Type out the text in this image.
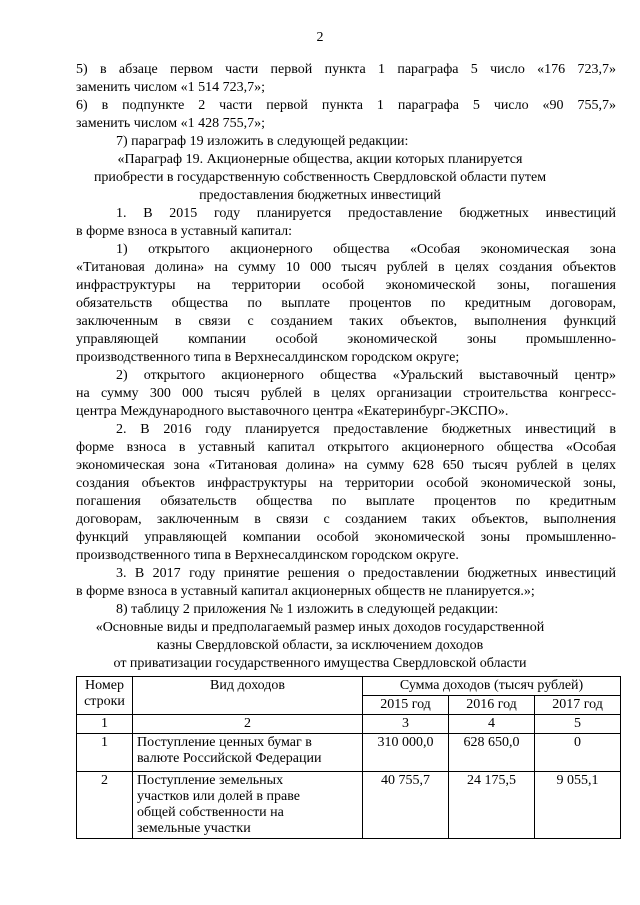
2
5) в абзаце первом части первой пункта 1 параграфа 5 число «176 723,7»
заменить числом «1 514 723,7»;
6) в подпункте 2 части первой пункта 1 параграфа 5 число «90 755,7»
заменить числом «1 428 755,7»;
7) параграф 19 изложить в следующей редакции:
«Параграф 19. Акционерные общества, акции которых планируется
приобрести в государственную собственность Свердловской области путем
предоставления бюджетных инвестиций
1. В 2015 году планируется предоставление бюджетных инвестиций
в форме взноса в уставный капитал:
1) открытого акционерного общества «Особая экономическая зона
«Титановая долина» на сумму 10 000 тысяч рублей в целях создания объектов
инфраструктуры на территории особой экономической зоны, погашения
обязательств общества по выплате процентов по кредитным договорам,
заключенным в связи с созданием таких объектов, выполнения функций
управляющей компании особой экономической зоны промышленно-
производственного типа в Верхнесалдинском городском округе;
2) открытого акционерного общества «Уральский выставочный центр»
на сумму 300 000 тысяч рублей в целях организации строительства конгресс-
центра Международного выставочного центра «Екатеринбург-ЭКСПО».
2. В 2016 году планируется предоставление бюджетных инвестиций в
форме взноса в уставный капитал открытого акционерного общества «Особая
экономическая зона «Титановая долина» на сумму 628 650 тысяч рублей в целях
создания объектов инфраструктуры на территории особой экономической зоны,
погашения обязательств общества по выплате процентов по кредитным
договорам, заключенным в связи с созданием таких объектов, выполнения
функций управляющей компании особой экономической зоны промышленно-
производственного типа в Верхнесалдинском городском округе.
3. В 2017 году принятие решения о предоставлении бюджетных инвестиций
в форме взноса в уставный капитал акционерных обществ не планируется.»;
8) таблицу 2 приложения № 1 изложить в следующей редакции:
«Основные виды и предполагаемый размер иных доходов государственной
казны Свердловской области, за исключением доходов
от приватизации государственного имущества Свердловской области
Номер
строки	Вид доходов	Сумма доходов (тысяч рублей)		
		2015 год	2016 год	2017 год
1	2	3	4	5
1	Поступление ценных бумаг в
валюте Российской Федерации	310 000,0	628 650,0	0
2	Поступление земельных
участков или долей в праве
общей собственности на
земельные участки	40 755,7	24 175,5	9 055,1
